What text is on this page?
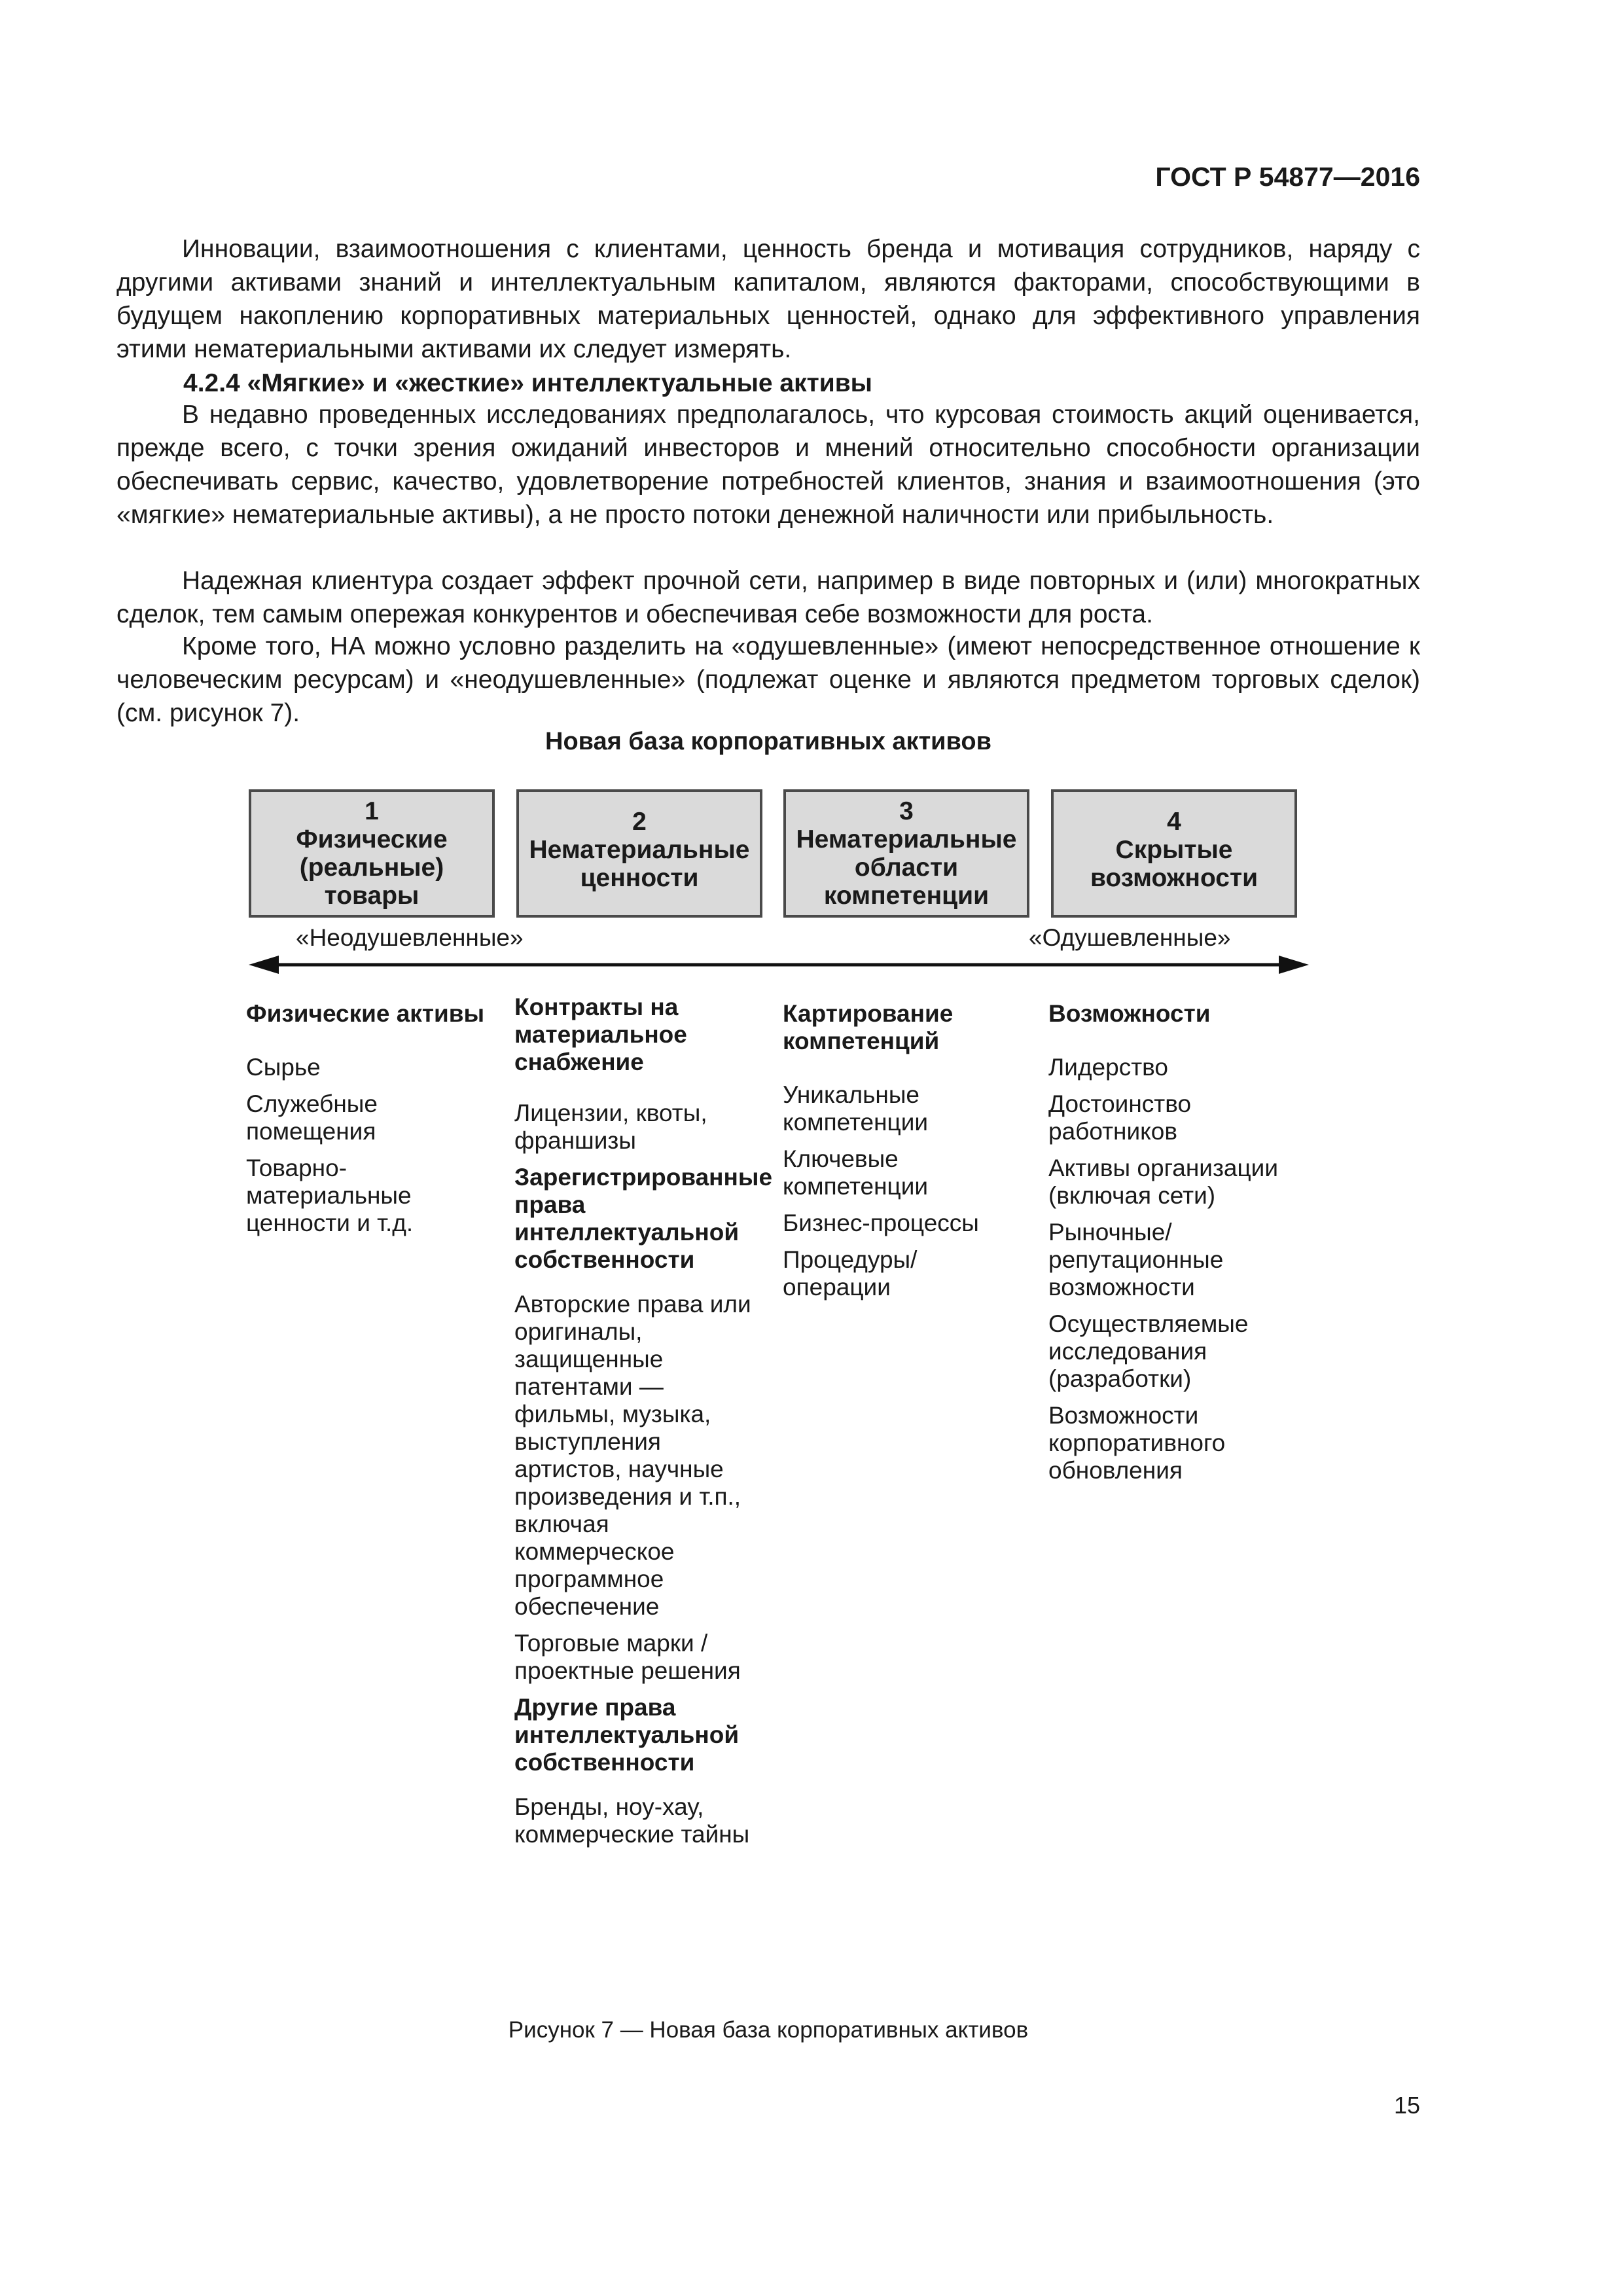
ГОСТ Р 54877—2016

Инновации, взаимоотношения с клиентами, ценность бренда и мотивация сотрудников, наряду с другими активами знаний и интеллектуальным капиталом, являются факторами, способствующими в будущем накоплению корпоративных материальных ценностей, однако для эффективного управления этими нематериальными активами их следует измерять.

4.2.4 «Мягкие» и «жесткие» интеллектуальные активы

В недавно проведенных исследованиях предполагалось, что курсовая стоимость акций оценивается, прежде всего, с точки зрения ожиданий инвесторов и мнений относительно способности организации обеспечивать сервис, качество, удовлетворение потребностей клиентов, знания и взаимоотношения (это «мягкие» нематериальные активы), а не просто потоки денежной наличности или прибыльность.

Надежная клиентура создает эффект прочной сети, например в виде повторных и (или) многократных сделок, тем самым опережая конкурентов и обеспечивая себе возможности для роста.

Кроме того, НА можно условно разделить на «одушевленные» (имеют непосредственное отношение к человеческим ресурсам) и «неодушевленные» (подлежат оценке и являются предметом торговых сделок) (см. рисунок 7).

Новая база корпоративных активов
1
Физические
(реальные)
товары
2
Нематериальные
ценности
3
Нематериальные
области
компетенции
4
Скрытые
возможности
«Неодушевленные»	«Одушевленные»

Физические активы

Сырье

Служебные помещения

Товарно-материальные ценности и т.д.

Контракты на материальное снабжение

Лицензии, квоты, франшизы

Зарегистрированные права интеллектуальной собственности

Авторские права или оригиналы, защищенные патентами — фильмы, музыка, выступления артистов, научные произведения и т.п., включая коммерческое программное обеспечение

Торговые марки / проектные решения

Другие права интеллектуальной собственности

Бренды, ноу-хау, коммерческие тайны

Картирование компетенций

Уникальные компетенции

Ключевые компетенции

Бизнес-процессы

Процедуры/ операции

Возможности

Лидерство

Достоинство работников

Активы организации (включая сети)

Рыночные/ репутационные возможности

Осуществляемые исследования (разработки)

Возможности корпоративного обновления

Рисунок 7 — Новая база корпоративных активов
15
